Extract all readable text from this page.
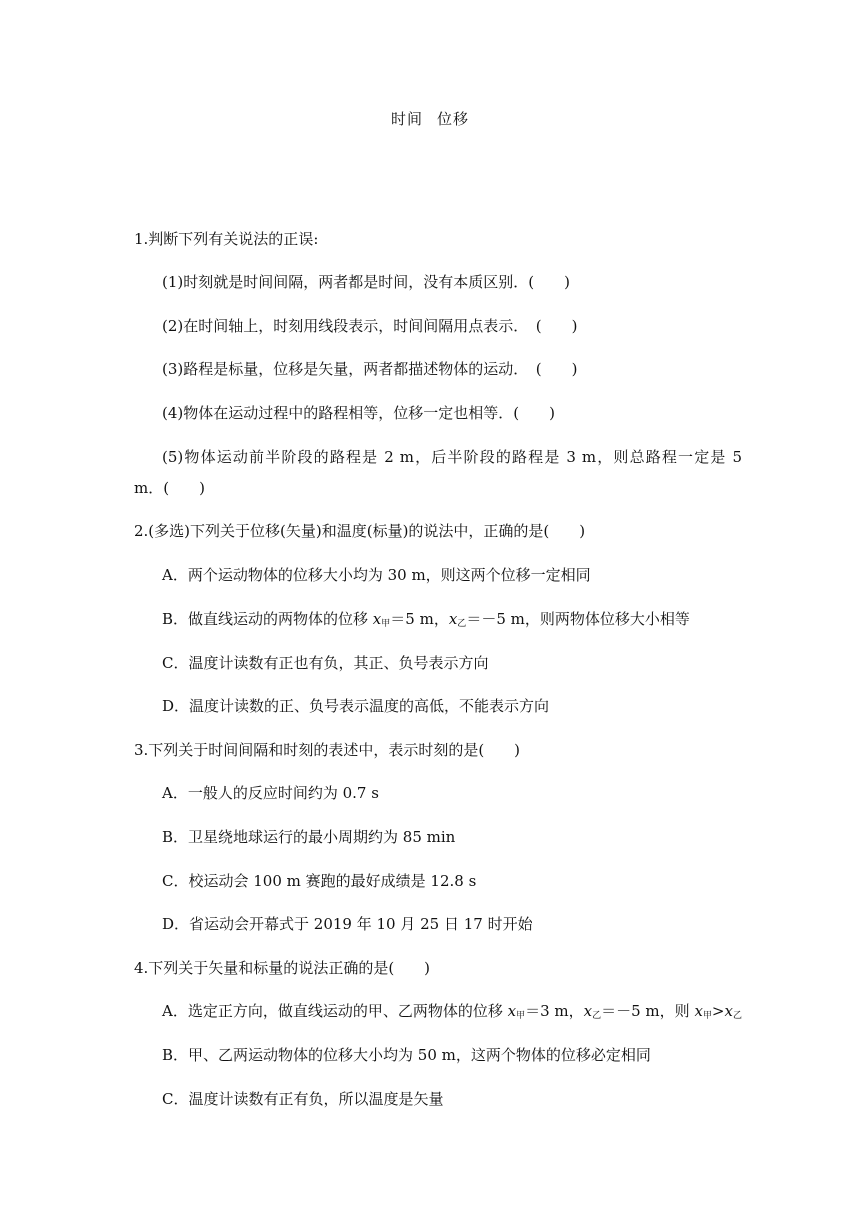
时间 位移
1.判断下列有关说法的正误:
(1)时刻就是时间间隔，两者都是时间，没有本质区别．(　　)
(2)在时间轴上，时刻用线段表示，时间间隔用点表示．　(　　)
(3)路程是标量，位移是矢量，两者都描述物体的运动．　(　　)
(4)物体在运动过程中的路程相等，位移一定也相等．(　　)
(5)物体运动前半阶段的路程是 2 m，后半阶段的路程是 3 m，则总路程一定是 5
m．(　　)
2.(多选)下列关于位移(矢量)和温度(标量)的说法中，正确的是(　　)
A．两个运动物体的位移大小均为 30 m，则这两个位移一定相同
B．做直线运动的两物体的位移 $x_甲=5$ m，$x_乙=-5$ m，则两物体位移大小相等
C．温度计读数有正也有负，其正、负号表示方向
D．温度计读数的正、负号表示温度的高低，不能表示方向
3.下列关于时间间隔和时刻的表述中，表示时刻的是(　　)
A．一般人的反应时间约为 0.7 s
B．卫星绕地球运行的最小周期约为 85 min
C．校运动会 100 m 赛跑的最好成绩是 12.8 s
D．省运动会开幕式于 2019 年 10 月 25 日 17 时开始
4.下列关于矢量和标量的说法正确的是(　　)
A．选定正方向，做直线运动的甲、乙两物体的位移 $x_甲=3$ m，$x_乙=-5$ m，则 $x_甲>x_乙$
B．甲、乙两运动物体的位移大小均为 50 m，这两个物体的位移必定相同
C．温度计读数有正有负，所以温度是矢量
